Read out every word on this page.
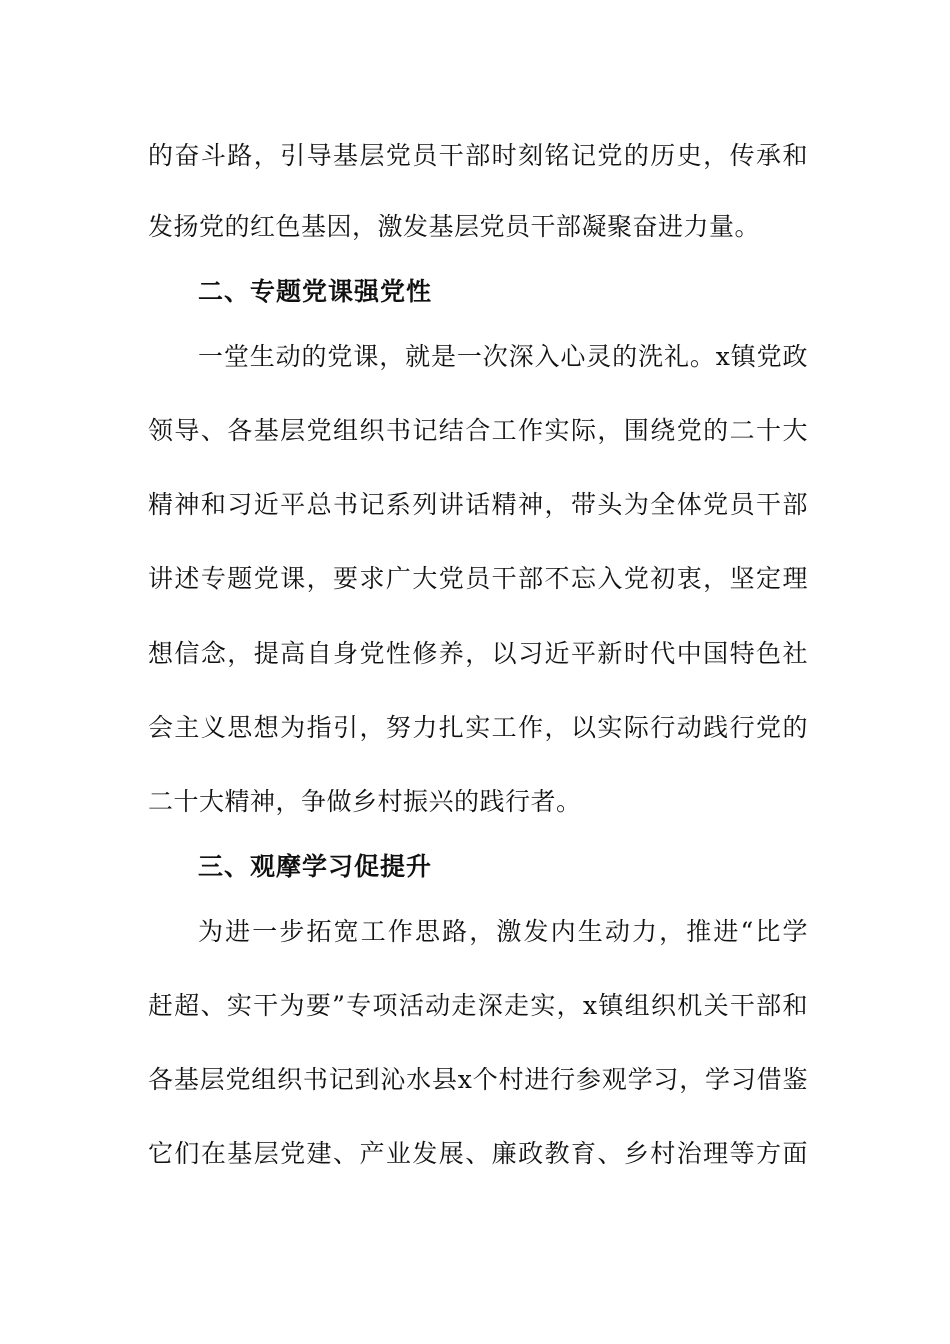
的奋斗路，引导基层党员干部时刻铭记党的历史，传承和
发扬党的红色基因，激发基层党员干部凝聚奋进力量。
二、专题党课强党性
一堂生动的党课，就是一次深入心灵的洗礼。x镇党政
领导、各基层党组织书记结合工作实际，围绕党的二十大
精神和习近平总书记系列讲话精神，带头为全体党员干部
讲述专题党课，要求广大党员干部不忘入党初衷，坚定理
想信念，提高自身党性修养，以习近平新时代中国特色社
会主义思想为指引，努力扎实工作，以实际行动践行党的
二十大精神，争做乡村振兴的践行者。
三、观摩学习促提升
为进一步拓宽工作思路，激发内生动力，推进“比学
赶超、实干为要”专项活动走深走实，x镇组织机关干部和
各基层党组织书记到沁水县x个村进行参观学习，学习借鉴
它们在基层党建、产业发展、廉政教育、乡村治理等方面
